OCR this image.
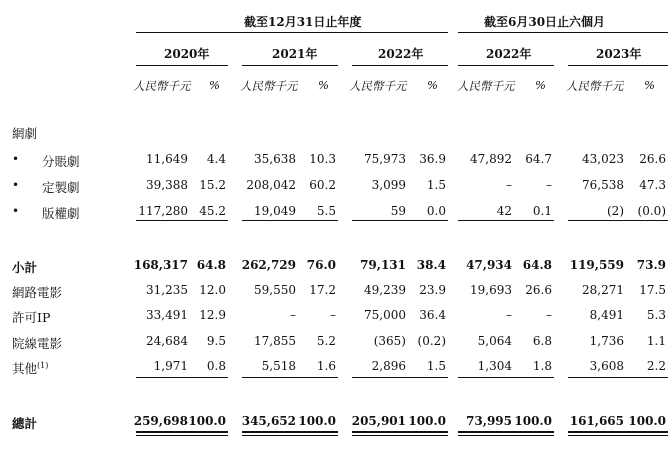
截至12月31日止年度	截至6月30日止六個月
2020年	2021年	2022年	2022年	2023年
人民幣千元 % 人民幣千元 % 人民幣千元 % 人民幣千元 % 人民幣千元 %
網劇
• 分賬劇	11,649 4.4 35,638 10.3 75,973 36.9 47,892 64.7	43,023 26.6
• 定製劇	39,388 15.2 208,042 60.2	3,099 1.5	–	–	76,538 47.3
• 版權劇	117,280 45.2 19,049 5.5	59 0.0	42 0.1	(2) (0.0)
小計	168,317 64.8 262,729 76.0 79,131 38.4 47,934 64.8 119,559 73.9
網路電影	31,235 12.0 59,550 17.2 49,239 23.9 19,693 26.6	28,271 17.5
許可IP	33,491 12.9	–	– 75,000 36.4	–	–	8,491 5.3
院線電影	24,684 9.5 17,855 5.2	(365) (0.2)	5,064 6.8	1,736 1.1
其他$^{(1)}$	1,971 0.8	5,518 1.6	2,896 1.5	1,304 1.8	3,608 2.2
總計	259,698 100.0 345,652 100.0 205,901 100.0 73,995 100.0 161,665 100.0
